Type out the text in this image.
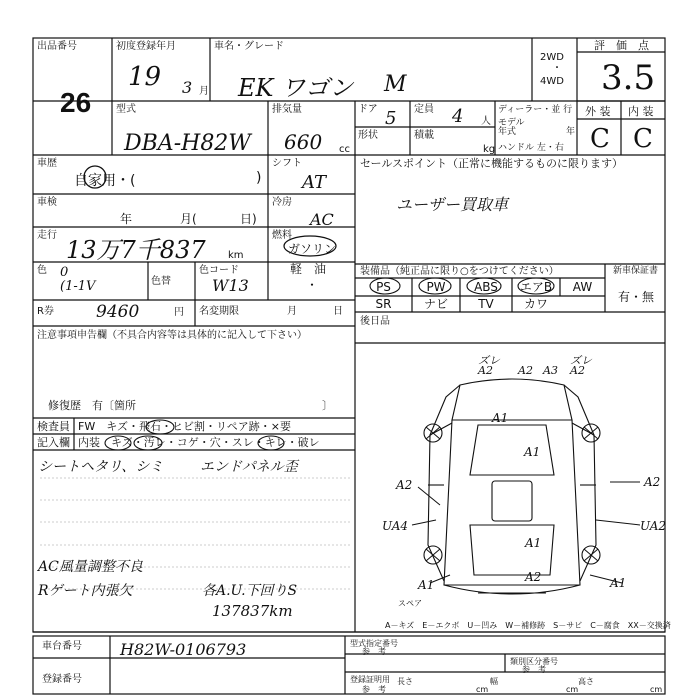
出品番号
26
初度登録年月
19 3 月
車名・グレード
EK ワゴン M
2WD
・
4WD
評　価　点
3.5
型式
DBA-H82W
排気量
660 cc
ドア 5 定員 4 人
形状	積載
kg
ディーラー・並 行
モデル年式	年
ハンドル 左・右
外 装
C
内 装
C
車歴
自家用・(	)
シフト
AT
セールスポイント（正常に機能するものに限ります）
ユーザー買取車
車検
年	月(	日)
冷房
AC
走行
13万7千837 km
燃料
ガソリン
軽　油
・
色 0
(1-1V	色替
色コード
W13
装備品（純正品に限り○をつけてください）
PS	PW	ABS	エアB	AW
SR	ナビ	TV	カワ
新車保証書
有・無
R券 9460	円 名変期限	月	日
後日品
注意事項申告欄（不具合内容等は具体的に記入して下さい）
修復歴　有〔箇所	〕
検査員 FW　キズ・飛石・ヒビ割・リペア跡・×要
記入欄 内装　キズ・汚レ・コゲ・穴・スレ・キレ・破レ
シートヘタリ、シミ	エンドパネル歪
AC風量調整不良
Rゲート内張欠	各A.U.下回りS
137837km
ズレ
A2 A2 A3
ズレ
A2
A1
A1
A2	A2
UA4	UA2
A1
A2
A1	A1
スペア
A－キズ　E－エクボ　U－凹み　W－補修跡　S－サビ　C－腐食　XX－交換済
車台番号 H82W-0106793
登録番号
型式指定番号
参　考
類別区分番号
参　考
登録証明用
参　考
長さ
cm
幅
cm
高さ
cm
